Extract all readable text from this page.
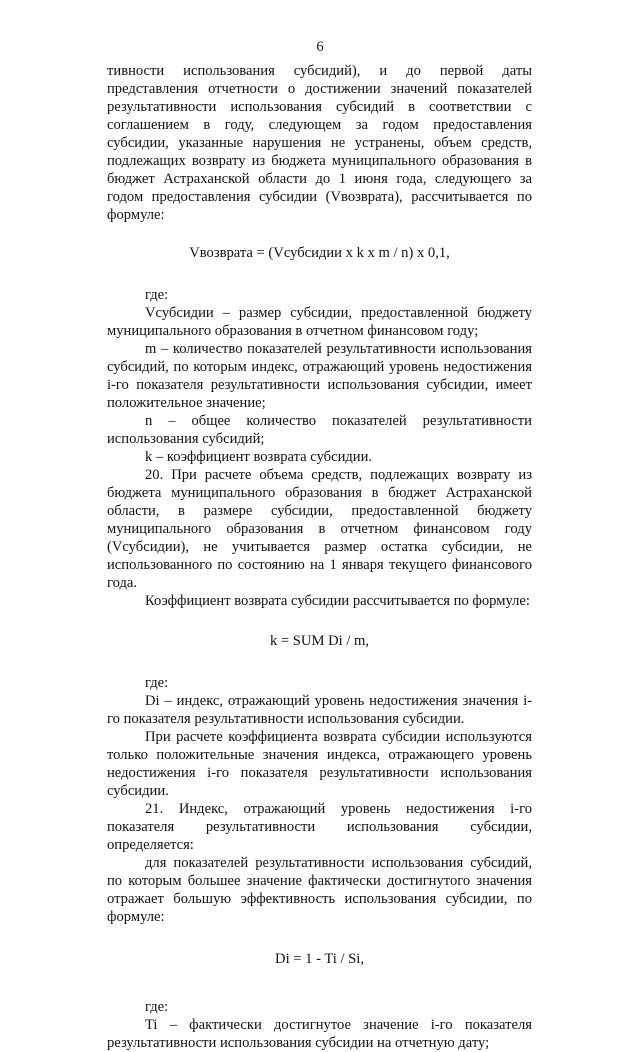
6

тивности использования субсидий), и до первой даты представления отчетности о достижении значений показателей результативности использования субсидий в соответствии с соглашением в году, следующем за годом предоставления субсидии, указанные нарушения не устранены, объем средств, подлежащих возврату из бюджета муниципального образования в бюджет Астраханской области до 1 июня года, следующего за годом предоставления субсидии (Vвозврата), рассчитывается по формуле:

Vвозврата = (Vсубсидии x k x m / n) x 0,1,

где:

Vсубсидии – размер субсидии, предоставленной бюджету муниципального образования в отчетном финансовом году;

m – количество показателей результативности использования субсидий, по которым индекс, отражающий уровень недостижения i-го показателя результативности использования субсидии, имеет положительное значение;

n – общее количество показателей результативности использования субсидий;

k – коэффициент возврата субсидии.

20. При расчете объема средств, подлежащих возврату из бюджета муниципального образования в бюджет Астраханской области, в размере субсидии, предоставленной бюджету муниципального образования в отчетном финансовом году (Vсубсидии), не учитывается размер остатка субсидии, не использованного по состоянию на 1 января текущего финансового года.

Коэффициент возврата субсидии рассчитывается по формуле:

k = SUM Di / m,

где:

Di – индекс, отражающий уровень недостижения значения i-го показателя результативности использования субсидии.

При расчете коэффициента возврата субсидии используются только положительные значения индекса, отражающего уровень недостижения i-го показателя результативности использования субсидии.

21. Индекс, отражающий уровень недостижения i-го показателя результативности использования субсидии, определяется:

для показателей результативности использования субсидий, по которым большее значение фактически достигнутого значения отражает большую эффективность использования субсидии, по формуле:

Di = 1 - Ti / Si,

где:

Ti – фактически достигнутое значение i-го показателя результативности использования субсидии на отчетную дату;
